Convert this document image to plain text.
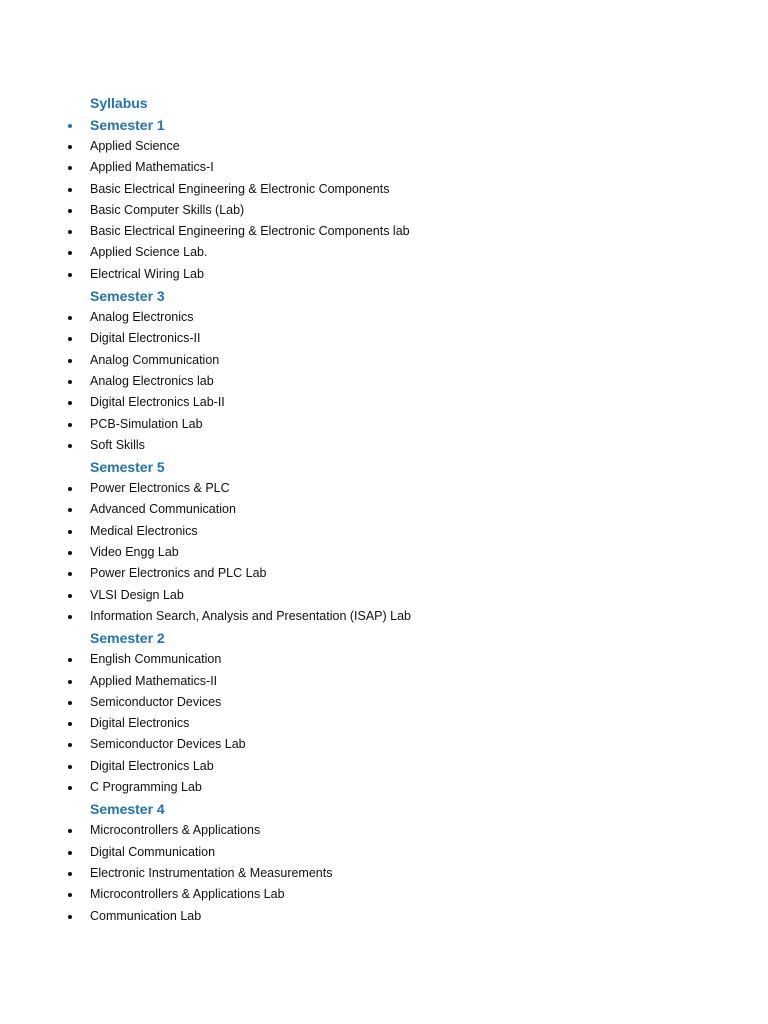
Syllabus
Semester 1
Applied Science
Applied Mathematics-I
Basic Electrical Engineering & Electronic Components
Basic Computer Skills (Lab)
Basic Electrical Engineering & Electronic Components lab
Applied Science Lab.
Electrical Wiring Lab
Semester 3
Analog Electronics
Digital Electronics-II
Analog Communication
Analog Electronics lab
Digital Electronics Lab-II
PCB-Simulation Lab
Soft Skills
Semester 5
Power Electronics & PLC
Advanced Communication
Medical Electronics
Video Engg Lab
Power Electronics and PLC Lab
VLSI Design Lab
Information Search, Analysis and Presentation (ISAP) Lab
Semester 2
English Communication
Applied Mathematics-II
Semiconductor Devices
Digital Electronics
Semiconductor Devices Lab
Digital Electronics Lab
C Programming Lab
Semester 4
Microcontrollers & Applications
Digital Communication
Electronic Instrumentation & Measurements
Microcontrollers & Applications Lab
Communication Lab
